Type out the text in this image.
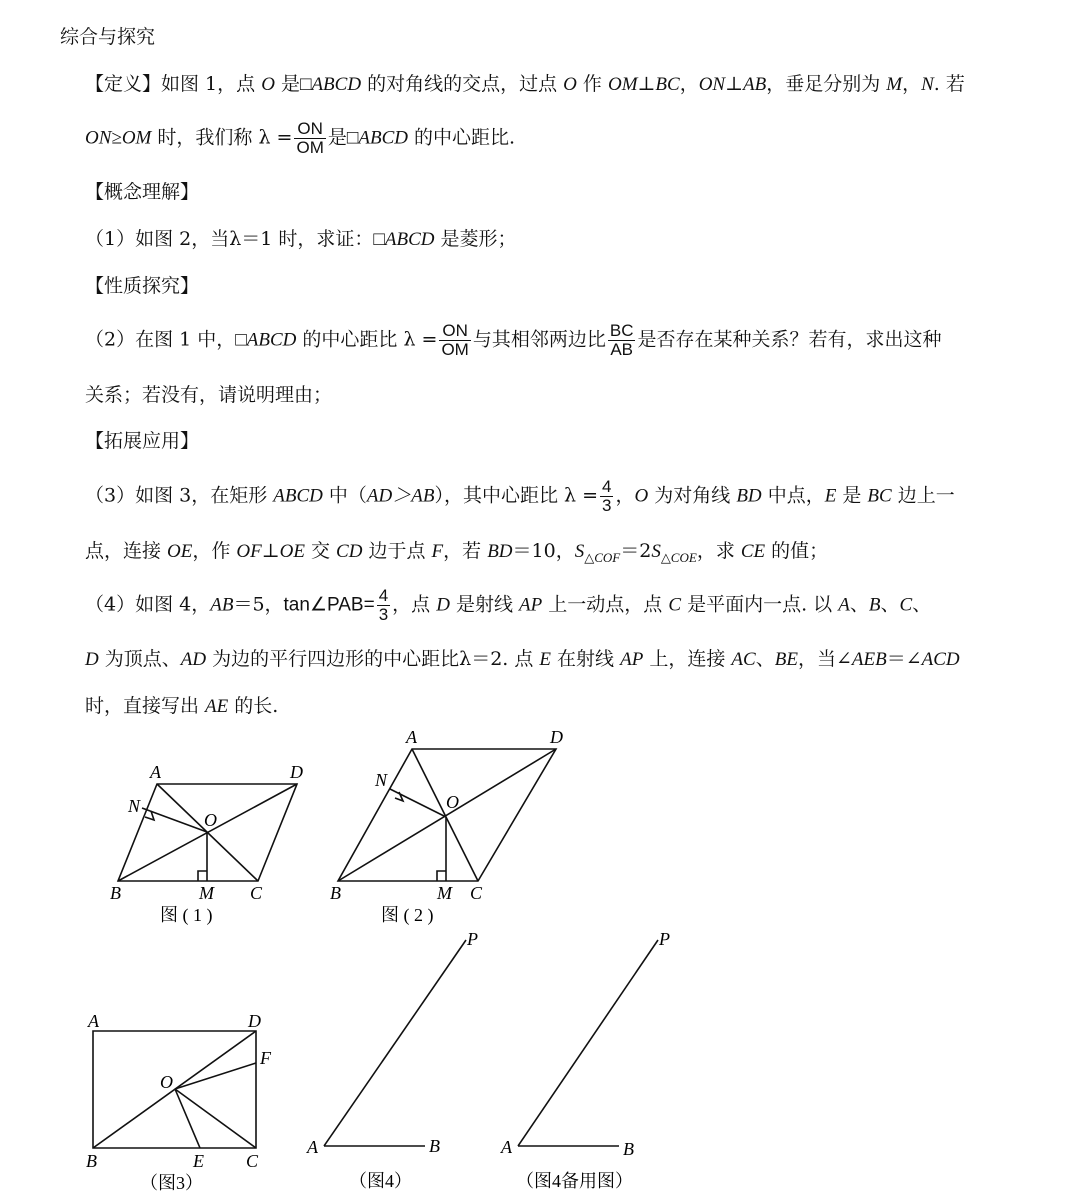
综合与探究
【定义】如图 1，点 O 是□ABCD 的对角线的交点，过点 O 作 OM⊥BC，ON⊥AB，垂足分别为 M，N. 若
ON≥OM 时，我们称 $\lambda = \frac{ON}{OM}$ 是□ABCD 的中心距比.
【概念理解】
（1）如图 2，当λ＝1 时，求证：□ABCD 是菱形；
【性质探究】
（2）在图 1 中，□ABCD 的中心距比 $\lambda = \frac{ON}{OM}$ 与其相邻两边比 $\frac{BC}{AB}$ 是否存在某种关系？若有，求出这种
关系；若没有，请说明理由；
【拓展应用】
（3）如图 3，在矩形 ABCD 中（AD＞AB），其中心距比 $\lambda = \frac{4}{3}$ ，O 为对角线 BD 中点，E 是 BC 边上一
点，连接 OE，作 OF⊥OE 交 CD 边于点 F，若 BD＝10，$S_{\triangle COF}=2S_{\triangle COE}$，求 CE 的值；
（4）如图 4，AB＝5，tan∠PAB= $\frac{4}{3}$ ，点 D 是射线 AP 上一动点，点 C 是平面内一点. 以 A、B、C、
D 为顶点、AD 为边的平行四边形的中心距比λ＝2. 点 E 在射线 AP 上，连接 AC、BE，当∠AEB＝∠ACD
时，直接写出 AE 的长.
A	D
N
O
B	M C
图 ( 1 )
A	D
N
O
B	M C
图 ( 2 )
A	D
F
O
B	E C
（图3）
P
A	B
（图4）
P
A	B
（图4备用图）
